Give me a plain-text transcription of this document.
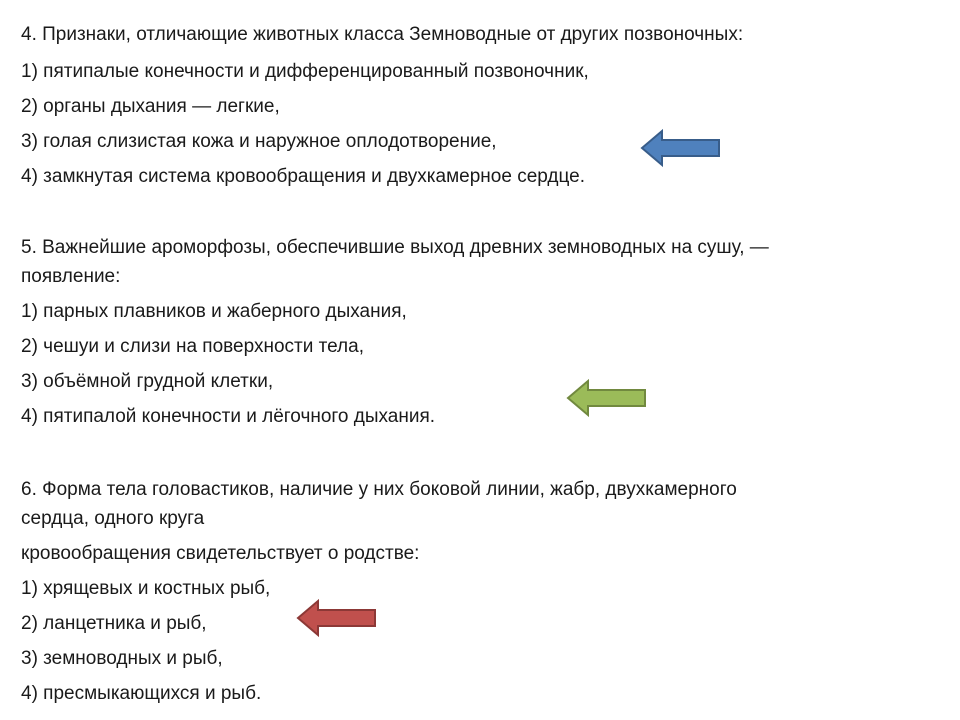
4. Признаки, отличающие животных класса Земноводные от других позвоночных:
1) пятипалые конечности и дифференцированный позвоночник,
2) органы дыхания — легкие,
3) голая слизистая кожа и наружное оплодотворение,
4) замкнутая система кровообращения и двухкамерное сердце.
5. Важнейшие ароморфозы, обеспечившие выход древних земноводных на сушу, —
появление:
1) парных плавников и жаберного дыхания,
2) чешуи и слизи на поверхности тела,
3) объёмной грудной клетки,
4) пятипалой конечности и лёгочного дыхания.
6. Форма тела головастиков, наличие у них боковой линии, жабр, двухкамерного
сердца, одного круга
кровообращения свидетельствует о родстве:
1) хрящевых и костных рыб,
2) ланцетника и рыб,
3) земноводных и рыб,
4) пресмыкающихся и рыб.
